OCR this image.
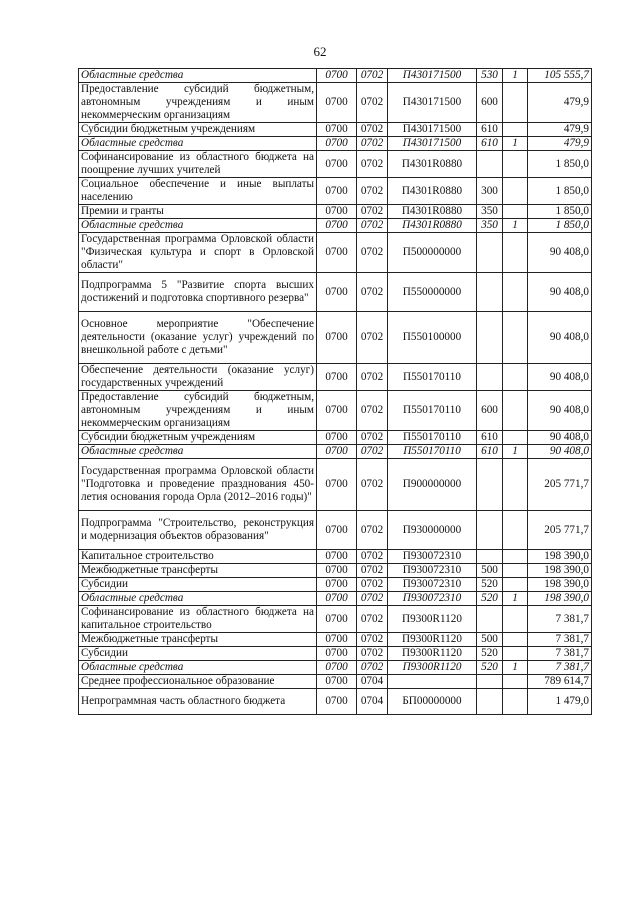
62
Областные средства	0700	0702	П430171500	530	1	105 555,7
Предоставление субсидий бюджетным, автономным учреждениям и иным некоммерческим организациям	0700	0702	П430171500	600		479,9
Субсидии бюджетным учреждениям	0700	0702	П430171500	610		479,9
Областные средства	0700	0702	П430171500	610	1	479,9
Софинансирование из областного бюджета на поощрение лучших учителей	0700	0702	П4301R0880			1 850,0
Социальное обеспечение и иные выплаты населению	0700	0702	П4301R0880	300		1 850,0
Премии и гранты	0700	0702	П4301R0880	350		1 850,0
Областные средства	0700	0702	П4301R0880	350	1	1 850,0
Государственная программа Орловской области "Физическая культура и спорт в Орловской области"	0700	0702	П500000000			90 408,0
Подпрограмма 5 "Развитие спорта высших достижений и подготовка спортивного резерва"	0700	0702	П550000000			90 408,0
Основное мероприятие "Обеспечение деятельности (оказание услуг) учреждений по внешкольной работе с детьми"	0700	0702	П550100000			90 408,0
Обеспечение деятельности (оказание услуг) государственных учреждений	0700	0702	П550170110			90 408,0
Предоставление субсидий бюджетным, автономным учреждениям и иным некоммерческим организациям	0700	0702	П550170110	600		90 408,0
Субсидии бюджетным учреждениям	0700	0702	П550170110	610		90 408,0
Областные средства	0700	0702	П550170110	610	1	90 408,0
Государственная программа Орловской области "Подготовка и проведение празднования 450-летия основания города Орла (2012–2016 годы)"	0700	0702	П900000000			205 771,7
Подпрограмма "Строительство, реконструкция и модернизация объектов образования"	0700	0702	П930000000			205 771,7
Капитальное строительство	0700	0702	П930072310			198 390,0
Межбюджетные трансферты	0700	0702	П930072310	500		198 390,0
Субсидии	0700	0702	П930072310	520		198 390,0
Областные средства	0700	0702	П930072310	520	1	198 390,0
Софинансирование из областного бюджета на капитальное строительство	0700	0702	П9300R1120			7 381,7
Межбюджетные трансферты	0700	0702	П9300R1120	500		7 381,7
Субсидии	0700	0702	П9300R1120	520		7 381,7
Областные средства	0700	0702	П9300R1120	520	1	7 381,7
Среднее профессиональное образование	0700	0704				789 614,7
Непрограммная часть областного бюджета	0700	0704	БП00000000			1 479,0
